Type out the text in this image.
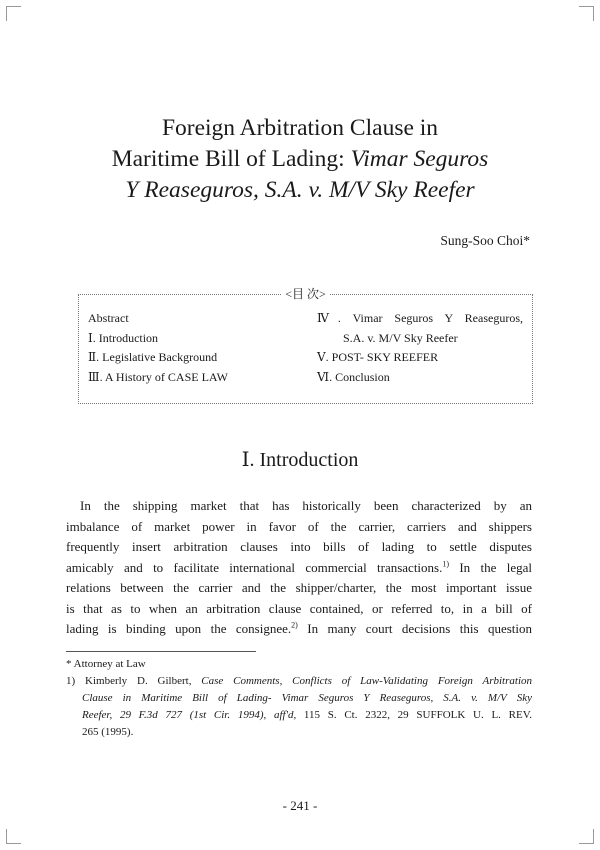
Foreign Arbitration Clause in
Maritime Bill of Lading: Vimar Seguros
Y Reaseguros, S.A. v. M/V Sky Reefer
Sung-Soo Choi*
<目 次>
Abstract
Ⅰ. Introduction
Ⅱ. Legislative Background
Ⅲ. A History of CASE LAW
Ⅳ. Vimar Seguros Y Reaseguros,
S.A. v. M/V Sky Reefer
Ⅴ. POST- SKY REEFER
Ⅵ. Conclusion
Ⅰ. Introduction
In the shipping market that has historically been characterized by an
imbalance of market power in favor of the carrier, carriers and shippers
frequently insert arbitration clauses into bills of lading to settle disputes
amicably and to facilitate international commercial transactions.$^{1)}$ In the legal
relations between the carrier and the shipper/charter, the most important issue
is that as to when an arbitration clause contained, or referred to, in a bill of
lading is binding upon the consignee.$^{2)}$ In many court decisions this question
* Attorney at Law
1) Kimberly D. Gilbert, Case Comments, Conflicts of Law-Validating Foreign Arbitration
Clause in Maritime Bill of Lading- Vimar Seguros Y Reaseguros, S.A. v. M/V Sky
Reefer, 29 F.3d 727 (1st Cir. 1994), aff'd, 115 S. Ct. 2322, 29 SUFFOLK U. L. REV.
265 (1995).
- 241 -
